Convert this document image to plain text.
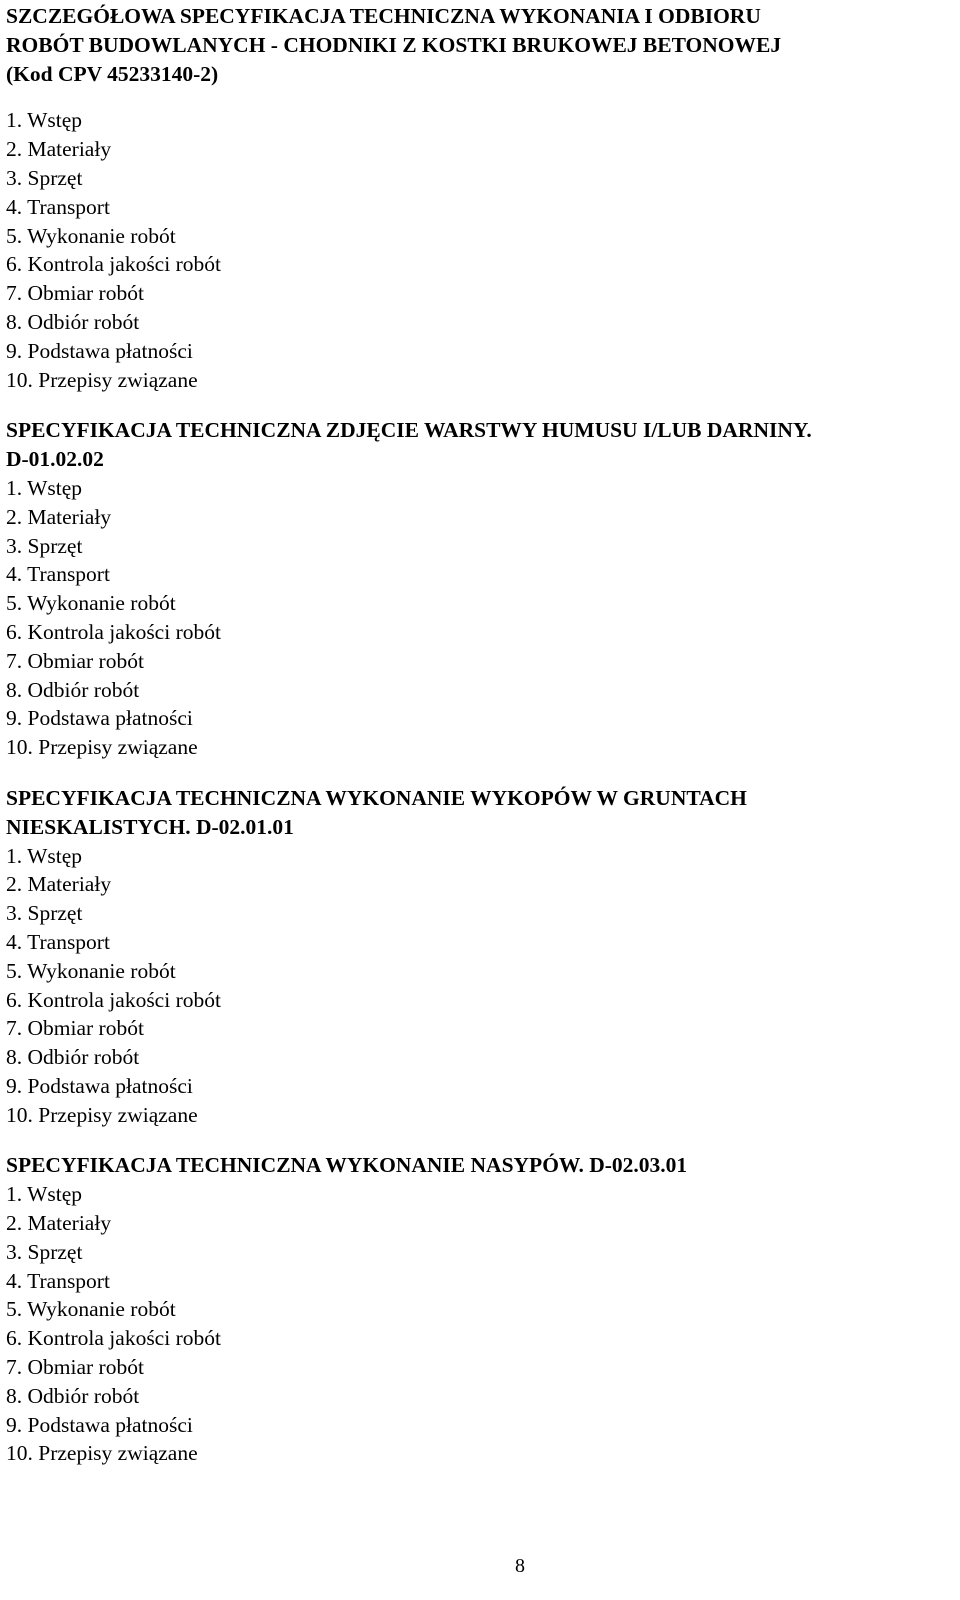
SZCZEGÓŁOWA SPECYFIKACJA TECHNICZNA WYKONANIA I ODBIORU
ROBÓT BUDOWLANYCH - CHODNIKI Z KOSTKI BRUKOWEJ BETONOWEJ
(Kod CPV 45233140-2)
1. Wstęp
2. Materiały
3. Sprzęt
4. Transport
5. Wykonanie robót
6. Kontrola jakości robót
7. Obmiar robót
8. Odbiór robót
9. Podstawa płatności
10. Przepisy związane
SPECYFIKACJA TECHNICZNA ZDJĘCIE WARSTWY HUMUSU I/LUB DARNINY.
D-01.02.02
1. Wstęp
2. Materiały
3. Sprzęt
4. Transport
5. Wykonanie robót
6. Kontrola jakości robót
7. Obmiar robót
8. Odbiór robót
9. Podstawa płatności
10. Przepisy związane
SPECYFIKACJA TECHNICZNA WYKONANIE WYKOPÓW W GRUNTACH
NIESKALISTYCH. D-02.01.01
1. Wstęp
2. Materiały
3. Sprzęt
4. Transport
5. Wykonanie robót
6. Kontrola jakości robót
7. Obmiar robót
8. Odbiór robót
9. Podstawa płatności
10. Przepisy związane
SPECYFIKACJA TECHNICZNA WYKONANIE NASYPÓW. D-02.03.01
1. Wstęp
2. Materiały
3. Sprzęt
4. Transport
5. Wykonanie robót
6. Kontrola jakości robót
7. Obmiar robót
8. Odbiór robót
9. Podstawa płatności
10. Przepisy związane
8
